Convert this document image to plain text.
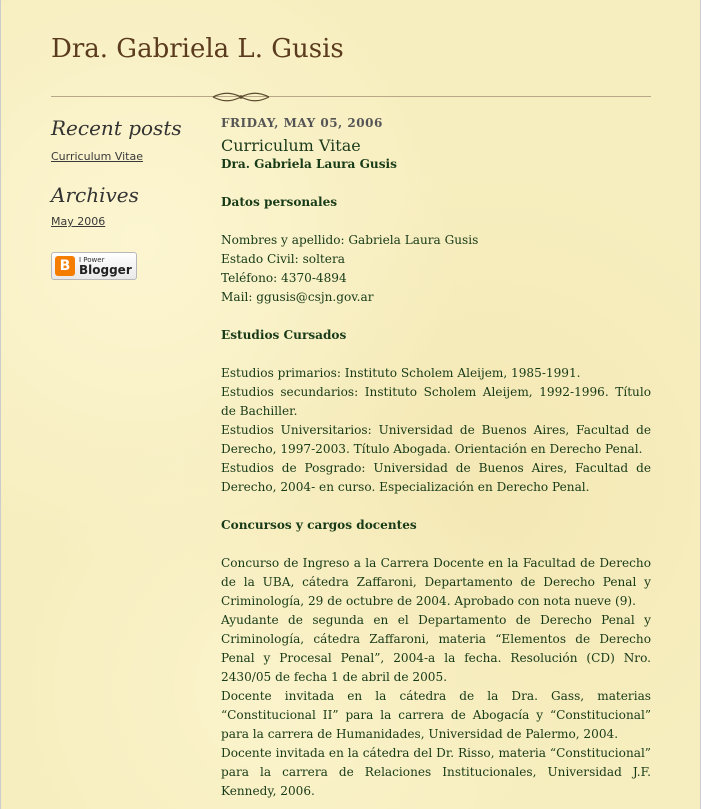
Dra. Gabriela L. Gusis
Recent posts
Curriculum Vitae
Archives
May 2006
B	I Power
Blogger
FRIDAY, MAY 05, 2006
Curriculum Vitae
Dra. Gabriela Laura Gusis
Datos personales

Nombres y apellido: Gabriela Laura Gusis

Estado Civil: soltera

Teléfono: 4370-4894

Mail: ggusis@csjn.gov.ar

Estudios Cursados

Estudios primarios: Instituto Scholem Aleijem, 1985-1991.

Estudios secundarios: Instituto Scholem Aleijem, 1992-1996. Título de Bachiller.

Estudios Universitarios: Universidad de Buenos Aires, Facultad de Derecho, 1997-2003. Título Abogada. Orientación en Derecho Penal.

Estudios de Posgrado: Universidad de Buenos Aires, Facultad de Derecho, 2004- en curso. Especialización en Derecho Penal.

Concursos y cargos docentes

Concurso de Ingreso a la Carrera Docente en la Facultad de Derecho de la UBA, cátedra Zaffaroni, Departamento de Derecho Penal y Criminología, 29 de octubre de 2004. Aprobado con nota nueve (9).

Ayudante de segunda en el Departamento de Derecho Penal y Criminología, cátedra Zaffaroni, materia “Elementos de Derecho Penal y Procesal Penal”, 2004-a la fecha. Resolución (CD) Nro. 2430/05 de fecha 1 de abril de 2005.

Docente invitada en la cátedra de la Dra. Gass, materias “Constitucional II” para la carrera de Abogacía y “Constitucional” para la carrera de Humanidades, Universidad de Palermo, 2004.

Docente invitada en la cátedra del Dr. Risso, materia “Constitucional” para la carrera de Relaciones Institucionales, Universidad J.F. Kennedy, 2006.
